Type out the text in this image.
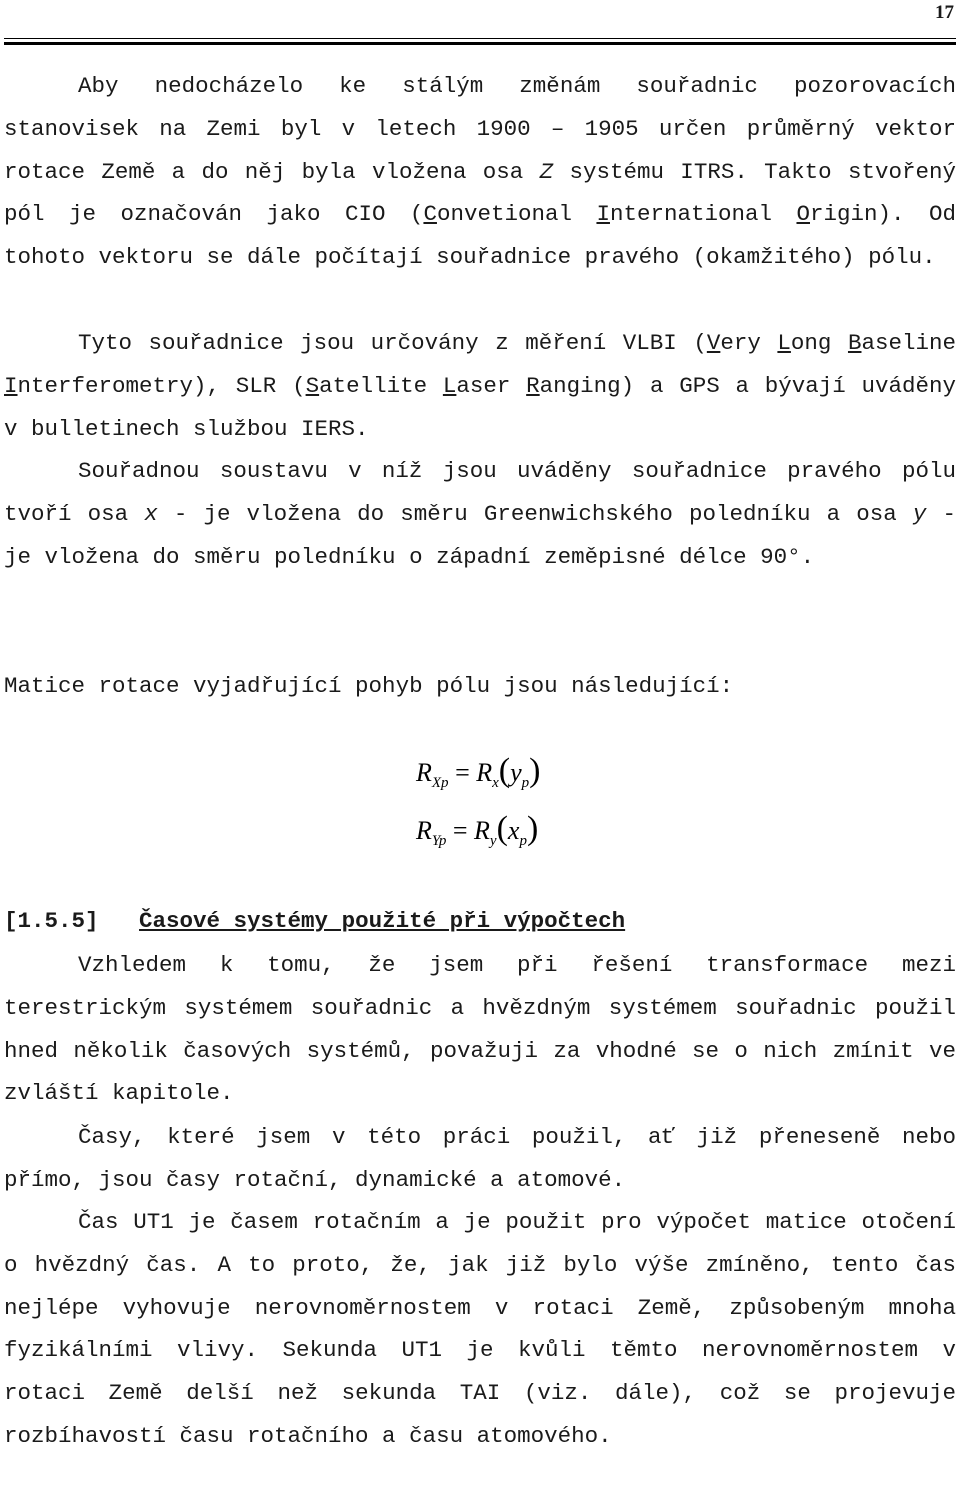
17

Aby nedocházelo ke stálým změnám souřadnic pozorovacích stanovisek na Zemi byl v letech 1900 – 1905 určen průměrný vektor rotace Země a do něj byla vložena osa Z systému ITRS. Takto stvořený pól je označován jako CIO (Convetional International Origin). Od tohoto vektoru se dále počítají souřadnice pravého (okamžitého) pólu.

Tyto souřadnice jsou určovány z měření VLBI (Very Long Baseline Interferometry), SLR (Satellite Laser Ranging) a GPS a bývají uváděny v bulletinech službou IERS.

Souřadnou soustavu v níž jsou uváděny souřadnice pravého pólu tvoří osa x - je vložena do směru Greenwichského poledníku a osa y - je vložena do směru poledníku o západní zeměpisné délce 90°.

Matice rotace vyjadřující pohyb pólu jsou následující:

$R_{Xp} = R_x(y_p)$
$R_{Yp} = R_y(x_p)$
[1.5.5] Časové systémy použité při výpočtech

Vzhledem k tomu, že jsem při řešení transformace mezi terestrickým systémem souřadnic a hvězdným systémem souřadnic použil hned několik časových systémů, považuji za vhodné se o nich zmínit ve zvláští kapitole.

Časy, které jsem v této práci použil, ať již přeneseně nebo přímo, jsou časy rotační, dynamické a atomové.

Čas UT1 je časem rotačním a je použit pro výpočet matice otočení o hvězdný čas. A to proto, že, jak již bylo výše zmíněno, tento čas nejlépe vyhovuje nerovnoměrnostem v rotaci Země, způsobeným mnoha fyzikálními vlivy. Sekunda UT1 je kvůli těmto nerovnoměrnostem v rotaci Země delší než sekunda TAI (viz. dále), což se projevuje rozbíhavostí času rotačního a času atomového.
